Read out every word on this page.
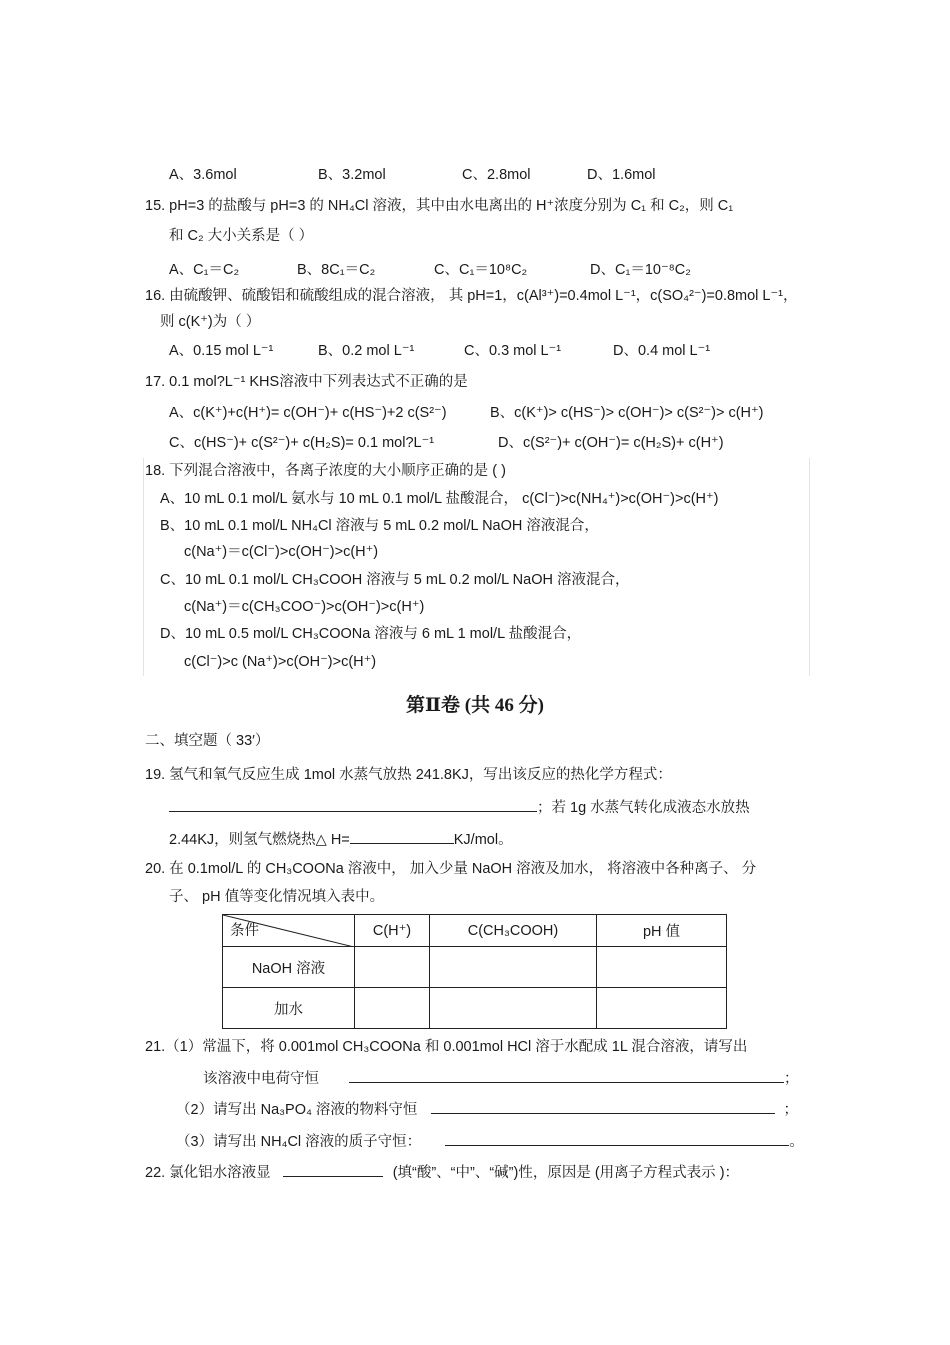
A、3.6mol	B、3.2mol	C、2.8mol	D、1.6mol
15. pH=3 的盐酸与 pH=3 的 NH₄Cl 溶液，其中由水电离出的 H⁺浓度分别为 C₁ 和 C₂，则 C₁
和 C₂ 大小关系是（ ）
A、C₁＝C₂	B、8C₁＝C₂	C、C₁＝10⁸C₂	D、C₁＝10⁻⁸C₂
16. 由硫酸钾、硫酸铝和硫酸组成的混合溶液， 其 pH=1，c(Al³⁺)=0.4mol L⁻¹，c(SO₄²⁻)=0.8mol L⁻¹，
则 c(K⁺)为（ ）
A、0.15 mol L⁻¹	B、0.2 mol L⁻¹	C、0.3 mol L⁻¹	D、0.4 mol L⁻¹
17. 0.1 mol?L⁻¹ KHS溶液中下列表达式不正确的是
A、c(K⁺)+c(H⁺)= c(OH⁻)+ c(HS⁻)+2 c(S²⁻)	B、c(K⁺)> c(HS⁻)> c(OH⁻)> c(S²⁻)> c(H⁺)
C、c(HS⁻)+ c(S²⁻)+ c(H₂S)= 0.1 mol?L⁻¹	D、c(S²⁻)+ c(OH⁻)= c(H₂S)+ c(H⁺)
18. 下列混合溶液中，各离子浓度的大小顺序正确的是 ( )
A、10 mL 0.1 mol/L 氨水与 10 mL 0.1 mol/L 盐酸混合， c(Cl⁻)>c(NH₄⁺)>c(OH⁻)>c(H⁺)
B、10 mL 0.1 mol/L NH₄Cl 溶液与 5 mL 0.2 mol/L NaOH 溶液混合，
c(Na⁺)＝c(Cl⁻)>c(OH⁻)>c(H⁺)
C、10 mL 0.1 mol/L CH₃COOH 溶液与 5 mL 0.2 mol/L NaOH 溶液混合，
c(Na⁺)＝c(CH₃COO⁻)>c(OH⁻)>c(H⁺)
D、10 mL 0.5 mol/L CH₃COONa 溶液与 6 mL 1 mol/L 盐酸混合，
c(Cl⁻)>c (Na⁺)>c(OH⁻)>c(H⁺)
第Ⅱ卷 (共 46 分)
二、填空题（ 33′）
19. 氢气和氧气反应生成 1mol 水蒸气放热 241.8KJ，写出该反应的热化学方程式：
；若 1g 水蒸气转化成液态水放热
2.44KJ，则氢气燃烧热△ H=	KJ/mol。
20. 在 0.1mol/L 的 CH₃COONa 溶液中， 加入少量 NaOH 溶液及加水， 将溶液中各种离子、 分
子、 pH 值等变化情况填入表中。
条件	C(H⁺)	C(CH₃COOH)	pH 值
NaOH 溶液			
加水			
21.（1）常温下，将 0.001mol CH₃COONa 和 0.001mol HCl 溶于水配成 1L 混合溶液，请写出
该溶液中电荷守恒	；
（2）请写出 Na₃PO₄ 溶液的物料守恒	；
（3）请写出 NH₄Cl 溶液的质子守恒：	。
22. 氯化铝水溶液显	(填“酸”、“中”、“碱”)性，原因是 (用离子方程式表示 )：
